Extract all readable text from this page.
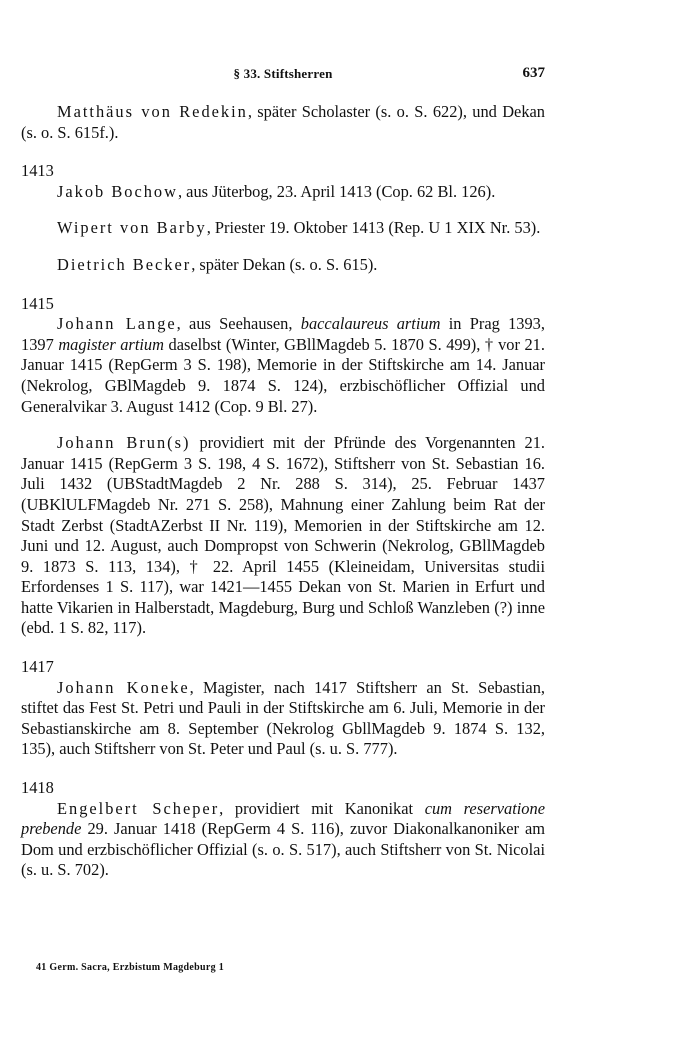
§ 33. Stiftsherren	637

Matthäus von Redekin, später Scholaster (s. o. S. 622), und Dekan (s. o. S. 615f.).

1413

Jakob Bochow, aus Jüterbog, 23. April 1413 (Cop. 62 Bl. 126).

Wipert von Barby, Priester 19. Oktober 1413 (Rep. U 1 XIX Nr. 53).

Dietrich Becker, später Dekan (s. o. S. 615).

1415

Johann Lange, aus Seehausen, baccalaureus artium in Prag 1393, 1397 magister artium daselbst (Winter, GBllMagdeb 5. 1870 S. 499), † vor 21. Januar 1415 (RepGerm 3 S. 198), Memorie in der Stiftskirche am 14. Januar (Nekrolog, GBlMagdeb 9. 1874 S. 124), erzbischöflicher Offizial und Generalvikar 3. August 1412 (Cop. 9 Bl. 27).

Johann Brun(s) providiert mit der Pfründe des Vorgenannten 21. Januar 1415 (RepGerm 3 S. 198, 4 S. 1672), Stiftsherr von St. Sebastian 16. Juli 1432 (UBStadtMagdeb 2 Nr. 288 S. 314), 25. Februar 1437 (UBKlULFMagdeb Nr. 271 S. 258), Mahnung einer Zahlung beim Rat der Stadt Zerbst (StadtAZerbst II Nr. 119), Memorien in der Stiftskirche am 12. Juni und 12. August, auch Dompropst von Schwerin (Nekrolog, GBllMagdeb 9. 1873 S. 113, 134), † 22. April 1455 (Kleineidam, Universitas studii Erfordenses 1 S. 117), war 1421—1455 Dekan von St. Marien in Erfurt und hatte Vikarien in Halberstadt, Magdeburg, Burg und Schloß Wanzleben (?) inne (ebd. 1 S. 82, 117).

1417

Johann Koneke, Magister, nach 1417 Stiftsherr an St. Sebastian, stiftet das Fest St. Petri und Pauli in der Stiftskirche am 6. Juli, Memorie in der Sebastianskirche am 8. September (Nekrolog GbllMagdeb 9. 1874 S. 132, 135), auch Stiftsherr von St. Peter und Paul (s. u. S. 777).

1418

Engelbert Scheper, providiert mit Kanonikat cum reservatione prebende 29. Januar 1418 (RepGerm 4 S. 116), zuvor Diakonalkanoniker am Dom und erzbischöflicher Offizial (s. o. S. 517), auch Stiftsherr von St. Nicolai (s. u. S. 702).

41 Germ. Sacra, Erzbistum Magdeburg 1
